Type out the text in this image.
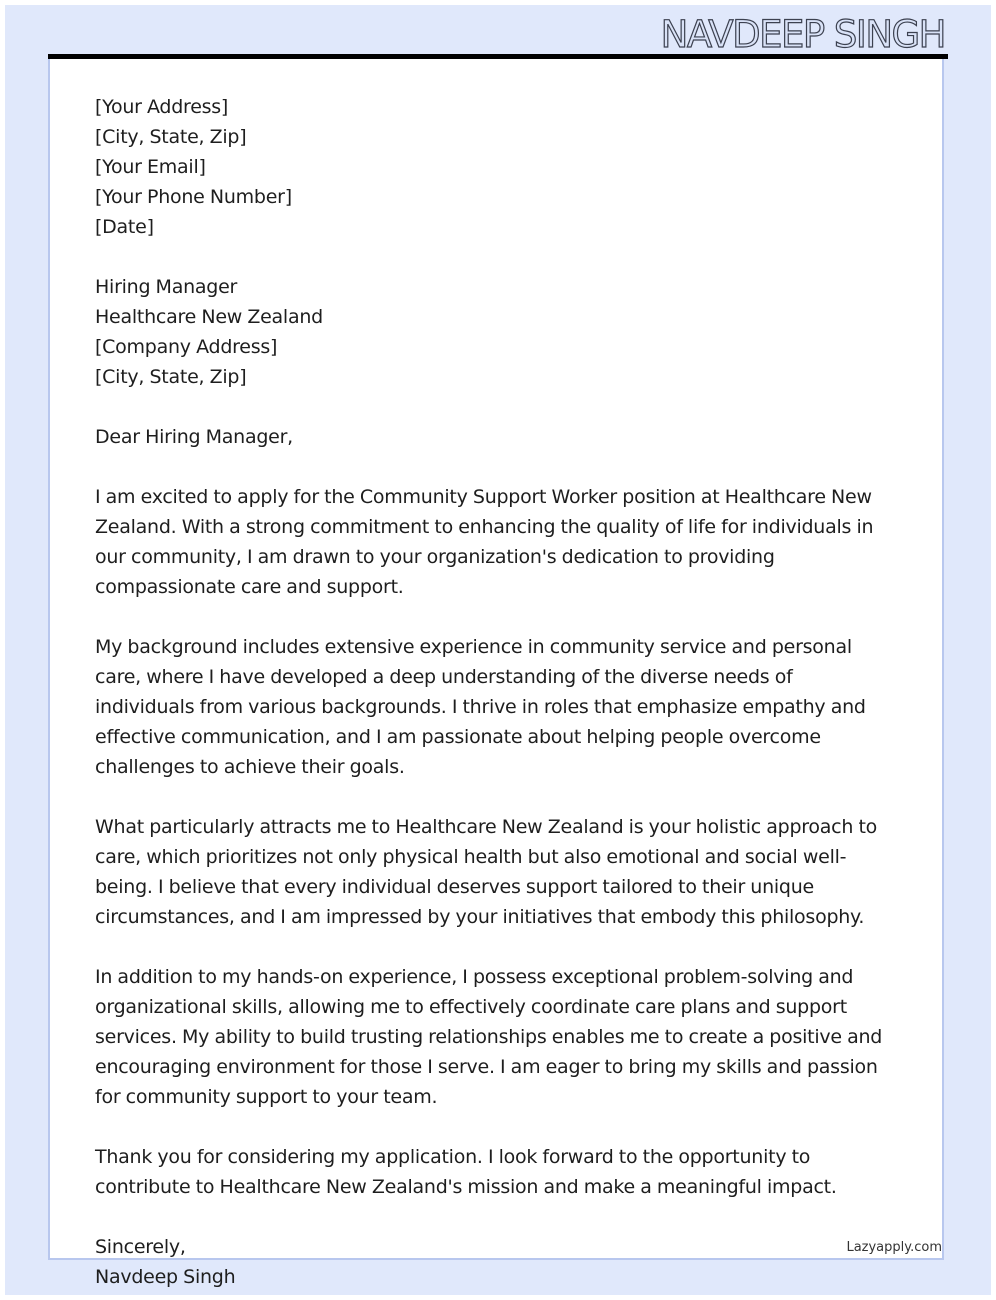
NAVDEEP SINGH
[Your Address]
[City, State, Zip]
[Your Email]
[Your Phone Number]
[Date]
Hiring Manager
Healthcare New Zealand
[Company Address]
[City, State, Zip]

Dear Hiring Manager,

I am excited to apply for the Community Support Worker position at Healthcare New Zealand. With a strong commitment to enhancing the quality of life for individuals in our community, I am drawn to your organization's dedication to providing compassionate care and support.

My background includes extensive experience in community service and personal care, where I have developed a deep understanding of the diverse needs of individuals from various backgrounds. I thrive in roles that emphasize empathy and effective communication, and I am passionate about helping people overcome challenges to achieve their goals.

What particularly attracts me to Healthcare New Zealand is your holistic approach to care, which prioritizes not only physical health but also emotional and social well-being. I believe that every individual deserves support tailored to their unique circumstances, and I am impressed by your initiatives that embody this philosophy.

In addition to my hands-on experience, I possess exceptional problem-solving and organizational skills, allowing me to effectively coordinate care plans and support services. My ability to build trusting relationships enables me to create a positive and encouraging environment for those I serve. I am eager to bring my skills and passion for community support to your team.

Thank you for considering my application. I look forward to the opportunity to contribute to Healthcare New Zealand's mission and make a meaningful impact.

Sincerely,
Navdeep Singh
Lazyapply.com
